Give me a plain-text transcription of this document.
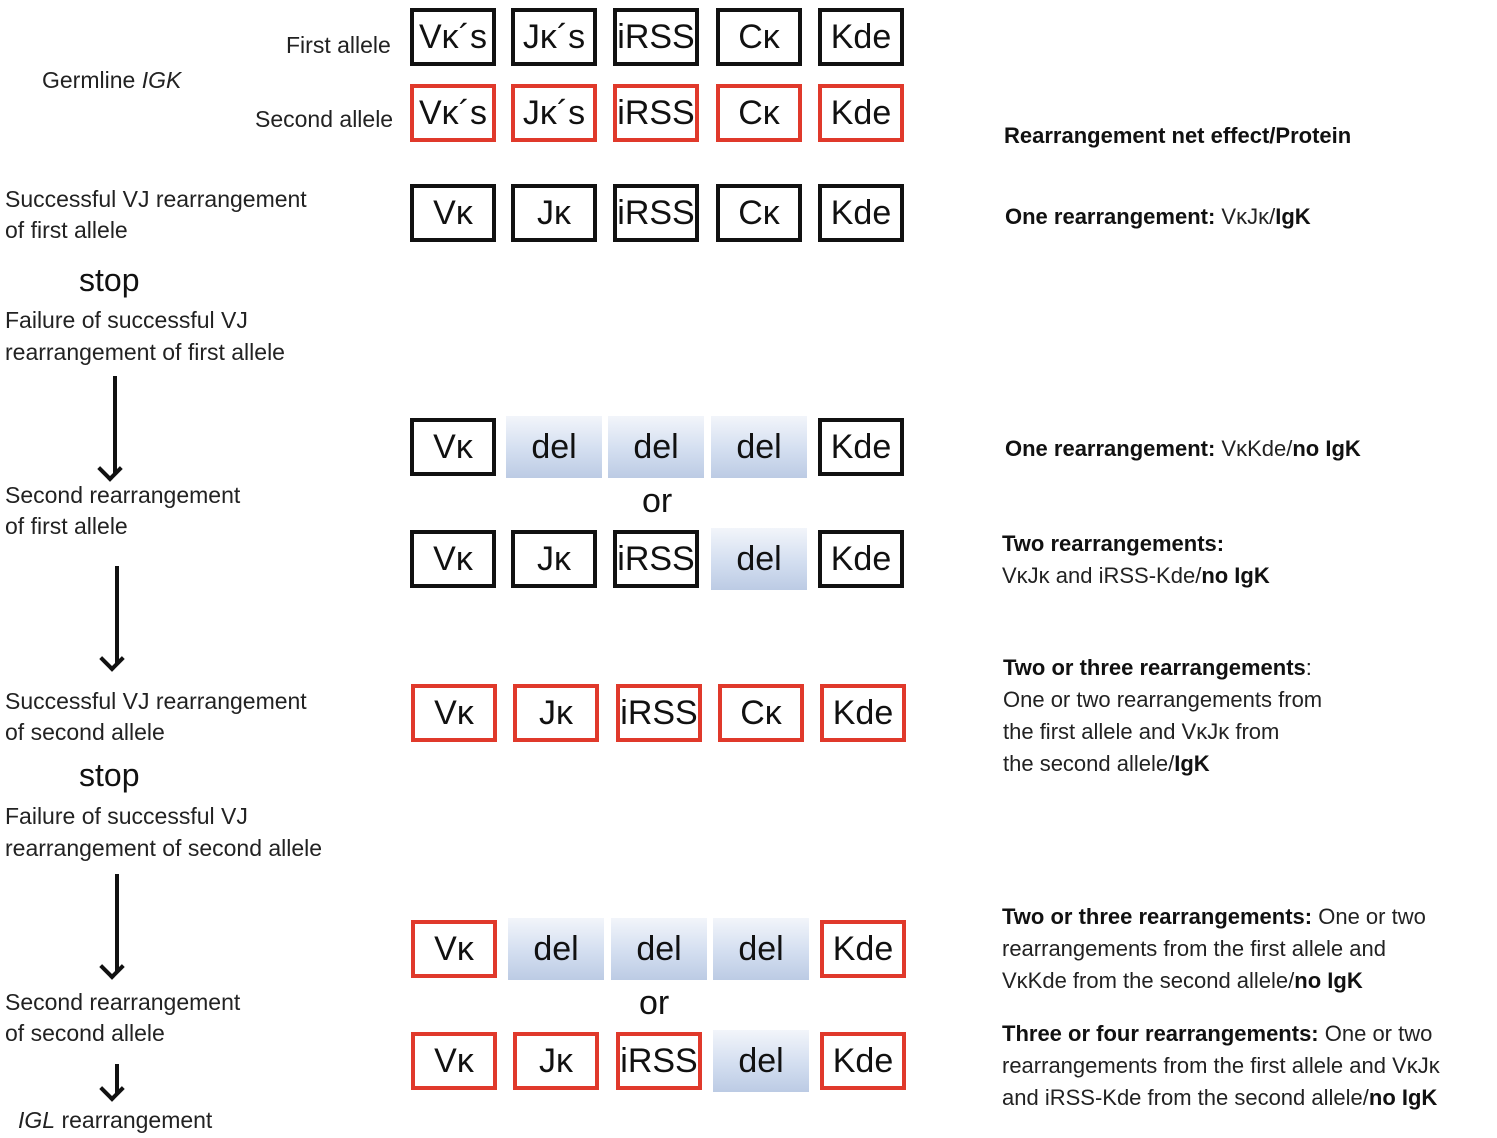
Germline IGK
First allele
Second allele
Successful VJ rearrangement
of first allele
stop
Failure of successful VJ
rearrangement of first allele
Second rearrangement
of first allele
Successful VJ rearrangement
of second allele
stop
Failure of successful VJ
rearrangement of second allele
Second rearrangement
of second allele
IGL rearrangement
Vκ´s	Jκ´s iRSS	Cκ	Kde
Vκ´s	Jκ´s iRSS	Cκ	Kde
Vκ	Jκ	iRSS	Cκ	Kde
Vκ	del	del	del	Kde
Vκ	Jκ	iRSS	del	Kde
Vκ	Jκ	iRSS	Cκ	Kde
Vκ	del	del	del	Kde
Vκ	Jκ	iRSS	del	Kde
or
or
Rearrangement net effect/Protein
One rearrangement: VκJκ/IgK
One rearrangement: VκKde/no IgK
Two rearrangements:
VκJκ and iRSS-Kde/no IgK
Two or three rearrangements:
One or two rearrangements from
the first allele and VκJκ from
the second allele/IgK
Two or three rearrangements: One or two
rearrangements from the first allele and
VκKde from the second allele/no IgK
Three or four rearrangements: One or two
rearrangements from the first allele and VκJκ
and iRSS-Kde from the second allele/no IgK
